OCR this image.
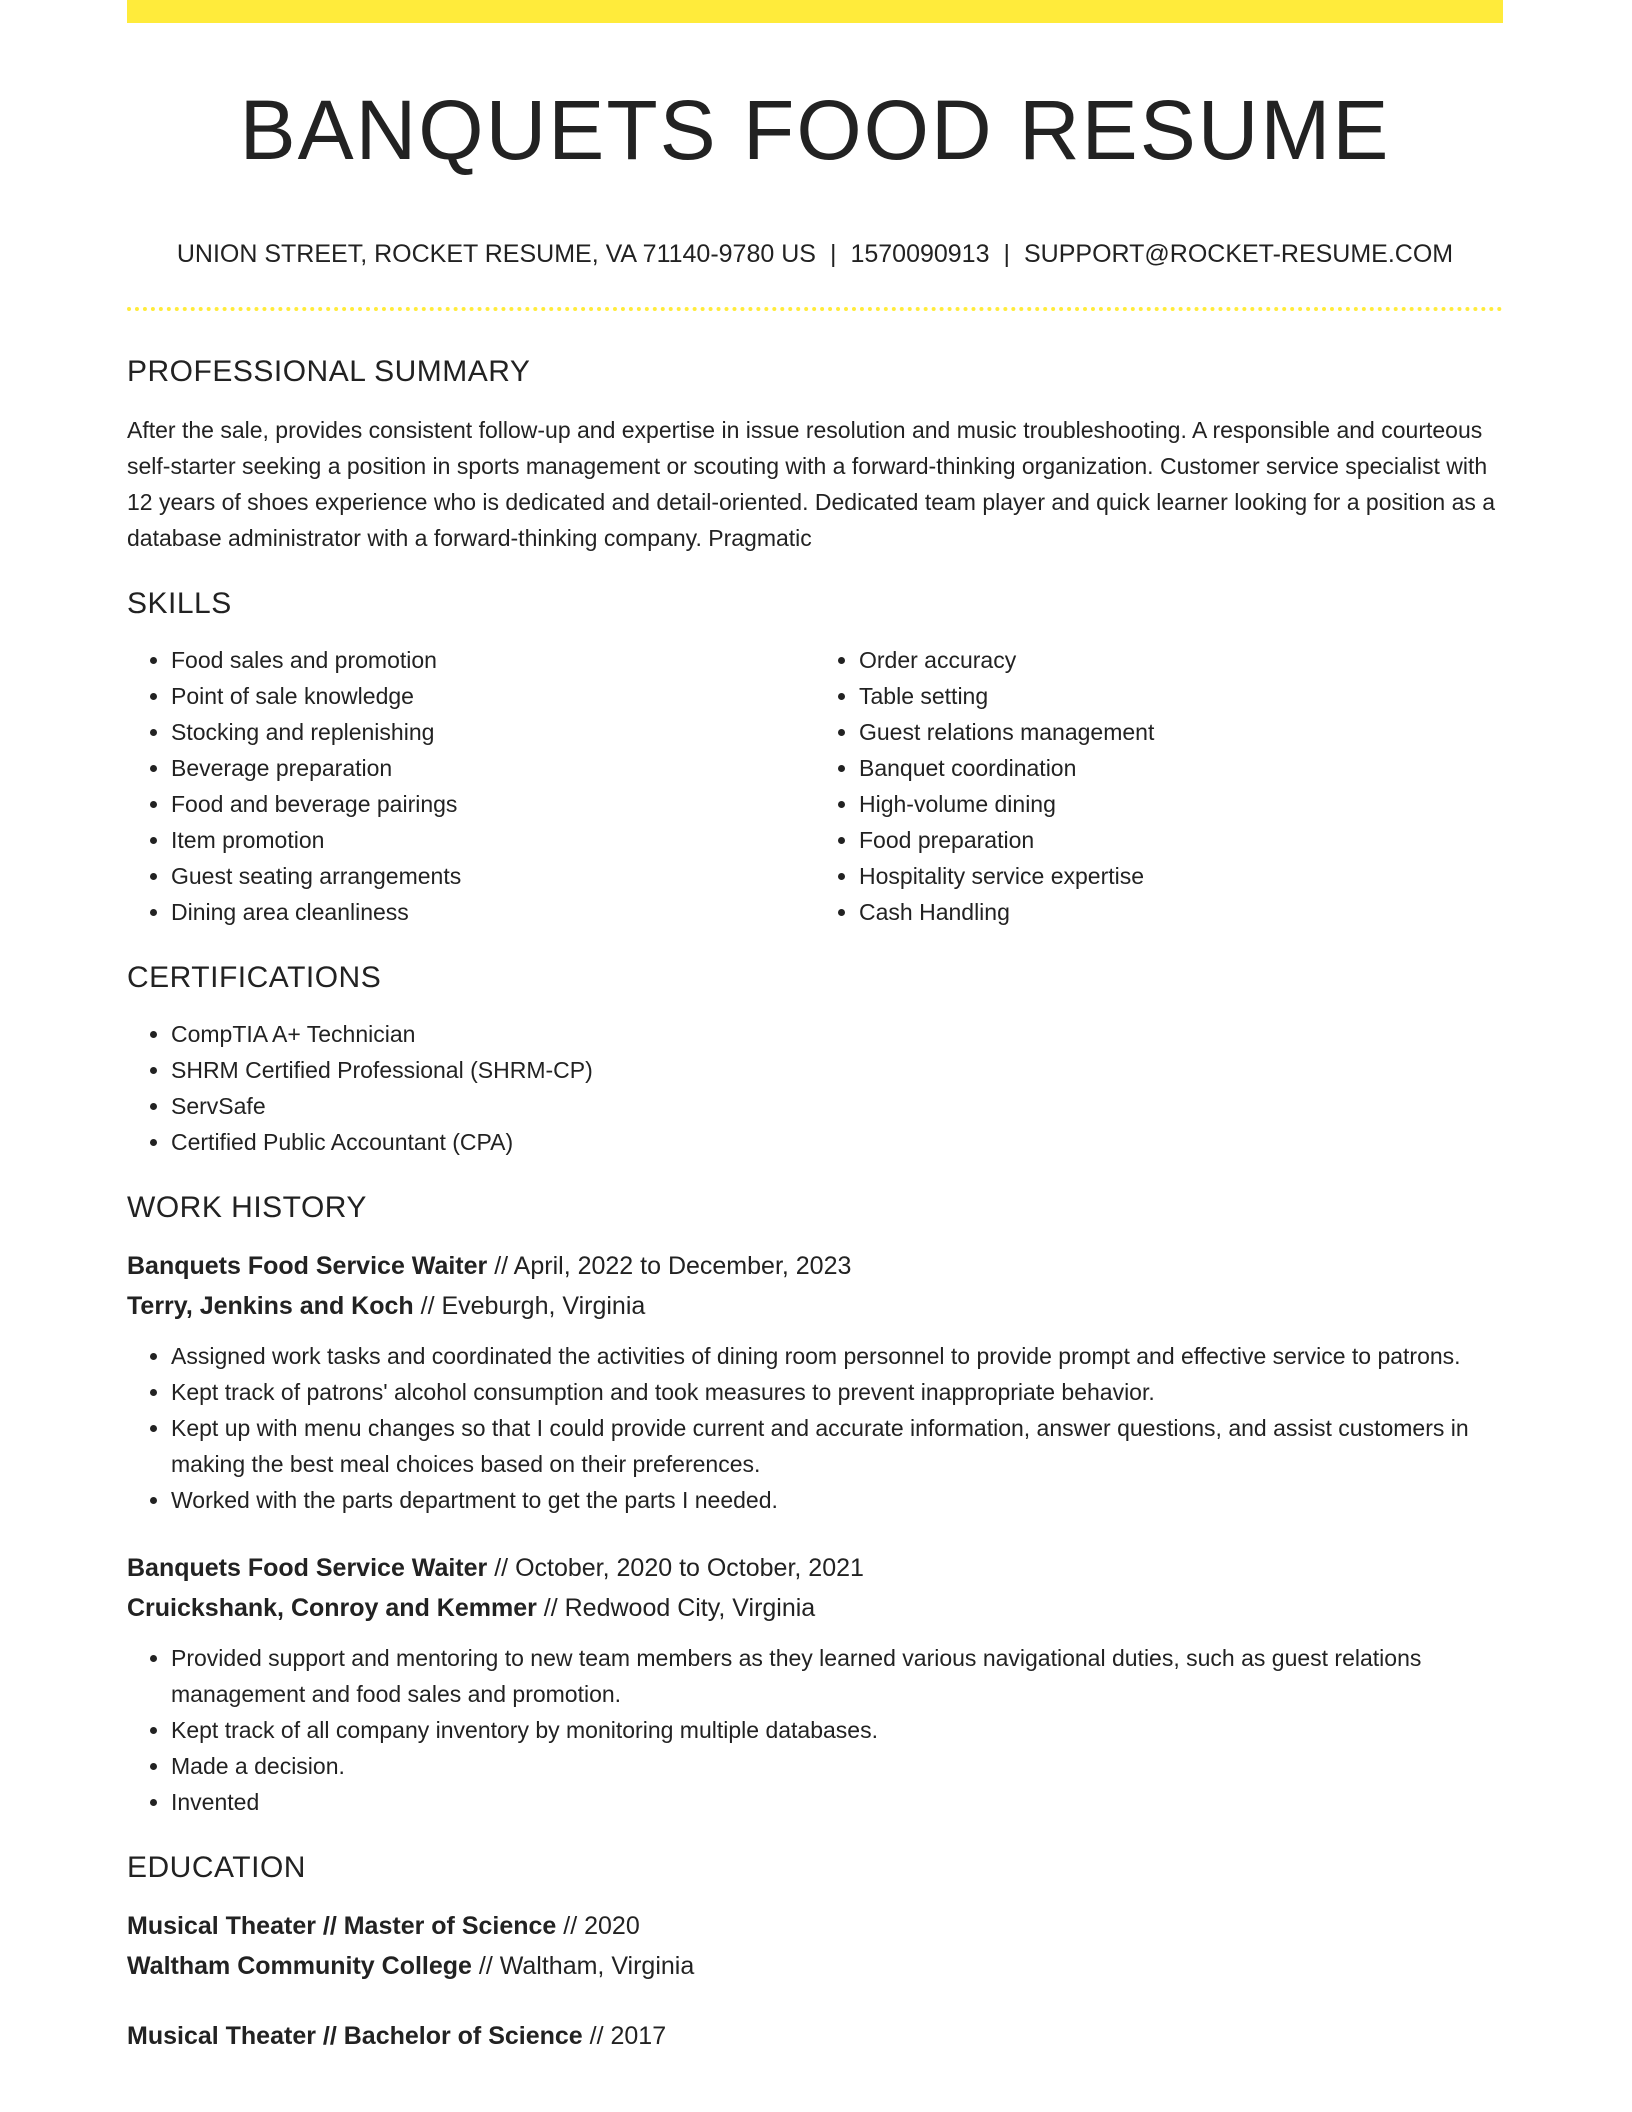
BANQUETS FOOD RESUME
UNION STREET, ROCKET RESUME, VA 71140-9780 US | 1570090913 | SUPPORT@ROCKET-RESUME.COM
PROFESSIONAL SUMMARY

After the sale, provides consistent follow-up and expertise in issue resolution and music troubleshooting. A responsible and courteous self-starter seeking a position in sports management or scouting with a forward-thinking organization. Customer service specialist with 12 years of shoes experience who is dedicated and detail-oriented. Dedicated team player and quick learner looking for a position as a database administrator with a forward-thinking company. Pragmatic

SKILLS
• Food sales and promotion
• Point of sale knowledge
• Stocking and replenishing
• Beverage preparation
• Food and beverage pairings
• Item promotion
• Guest seating arrangements
• Dining area cleanliness
• Order accuracy
• Table setting
• Guest relations management
• Banquet coordination
• High-volume dining
• Food preparation
• Hospitality service expertise
• Cash Handling
CERTIFICATIONS
• CompTIA A+ Technician
• SHRM Certified Professional (SHRM-CP)
• ServSafe
• Certified Public Accountant (CPA)
WORK HISTORY

Banquets Food Service Waiter // April, 2022 to December, 2023

Terry, Jenkins and Koch // Eveburgh, Virginia

• Assigned work tasks and coordinated the activities of dining room personnel to provide prompt and effective service to patrons.
• Kept track of patrons' alcohol consumption and took measures to prevent inappropriate behavior.
• Kept up with menu changes so that I could provide current and accurate information, answer questions, and assist customers in making the best meal choices based on their preferences.
• Worked with the parts department to get the parts I needed.

Banquets Food Service Waiter // October, 2020 to October, 2021

Cruickshank, Conroy and Kemmer // Redwood City, Virginia

• Provided support and mentoring to new team members as they learned various navigational duties, such as guest relations management and food sales and promotion.
• Kept track of all company inventory by monitoring multiple databases.
• Made a decision.
• Invented
EDUCATION

Musical Theater // Master of Science // 2020

Waltham Community College // Waltham, Virginia

Musical Theater // Bachelor of Science // 2017
